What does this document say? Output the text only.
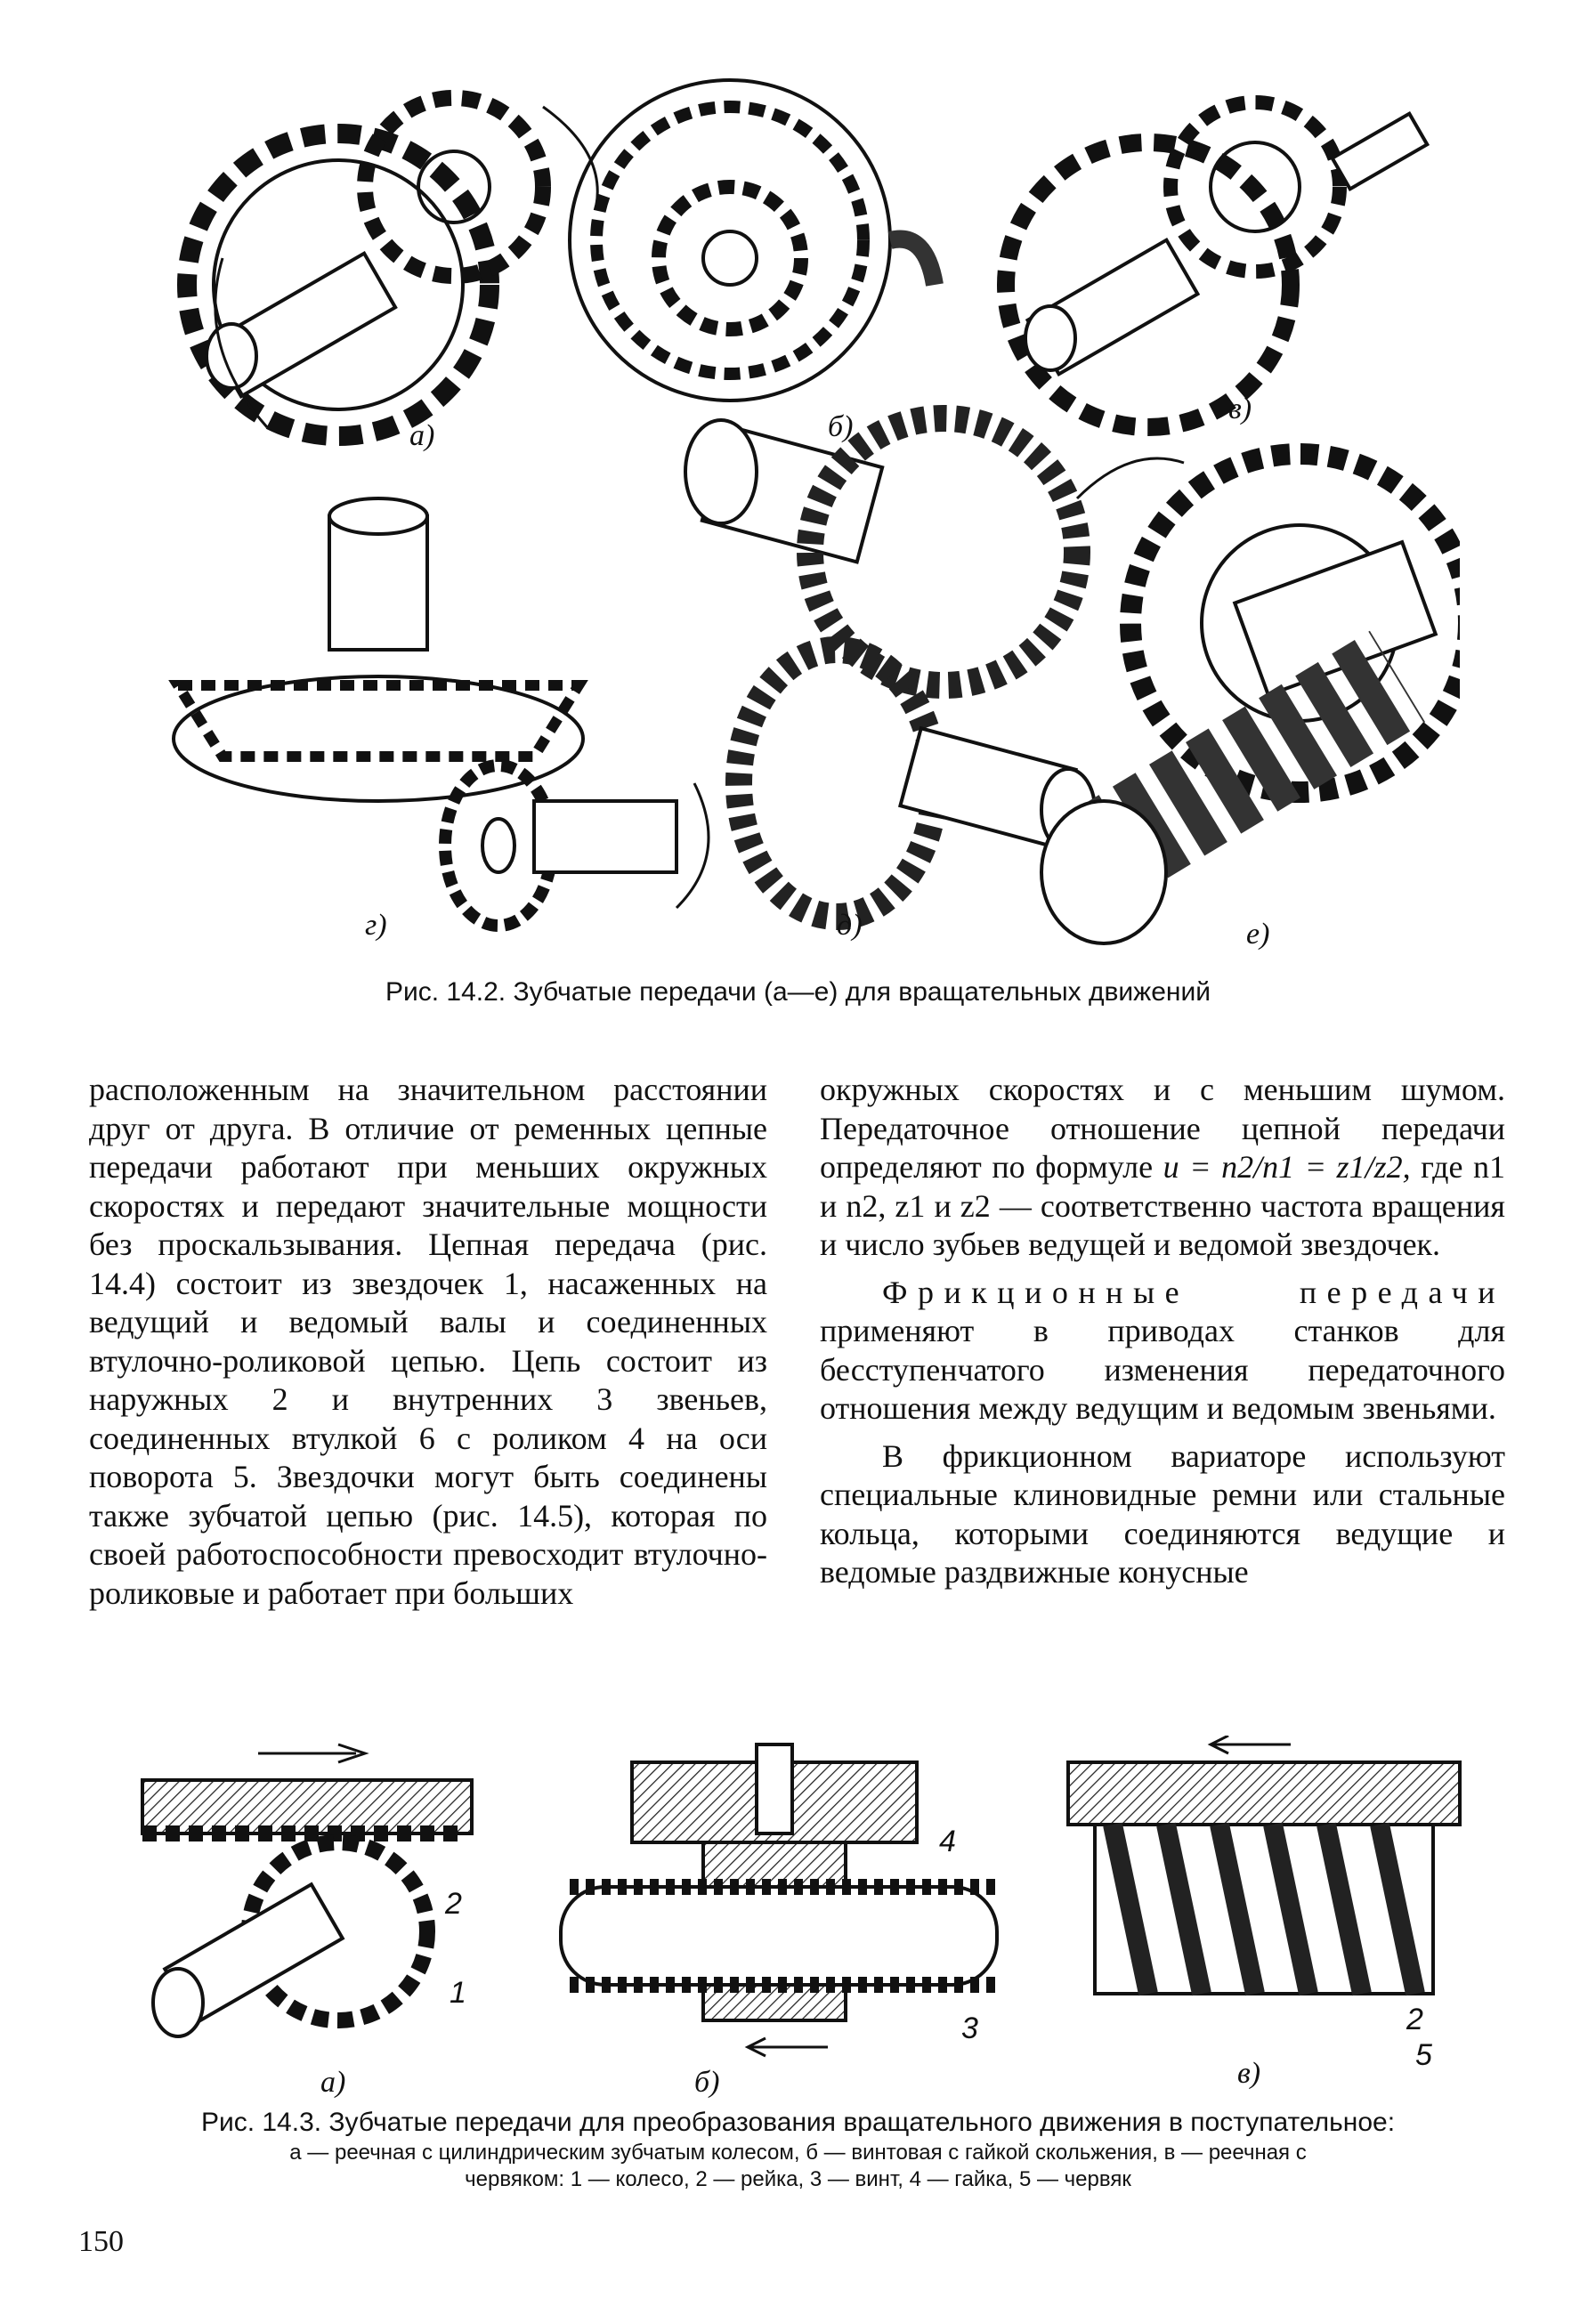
а)	б)
в)
г)	д)	е)
Рис. 14.2. Зубчатые передачи (а—е) для вращательных движений

расположенным на значительном расстоянии друг от друга. В отличие от ременных цепные передачи работают при меньших окружных скоростях и передают значительные мощности без проскальзывания. Цепная передача (рис. 14.4) состоит из звездочек 1, насаженных на ведущий и ведомый валы и соединенных втулочно-роликовой цепью. Цепь состоит из наружных 2 и внутренних 3 звеньев, соединенных втулкой 6 с роликом 4 на оси поворота 5. Звездочки могут быть соединены также зубчатой цепью (рис. 14.5), которая по своей работоспособности превосходит втулочно-роликовые и работает при больших

окружных скоростях и с меньшим шумом. Передаточное отношение цепной передачи определяют по формуле u = n2/n1 = z1/z2, где n1 и n2, z1 и z2 — соответственно частота вращения и число зубьев ведущей и ведомой звездочек.

Фрикционные передачи применяют в приводах станков для бесступенчатого изменения передаточного отношения между ведущим и ведомым звеньями.

В фрикционном вариаторе используют специальные клиновидные ремни или стальные кольца, которыми соединяются ведущие и ведомые раздвижные конусные

а)	б)	в)
1
2
3
4
2
5
Рис. 14.3. Зубчатые передачи для преобразования вращательного движения в поступательное:
а — реечная с цилиндрическим зубчатым колесом, б — винтовая с гайкой скольжения, в — реечная с
червяком: 1 — колесо, 2 — рейка, 3 — винт, 4 — гайка, 5 — червяк
150
